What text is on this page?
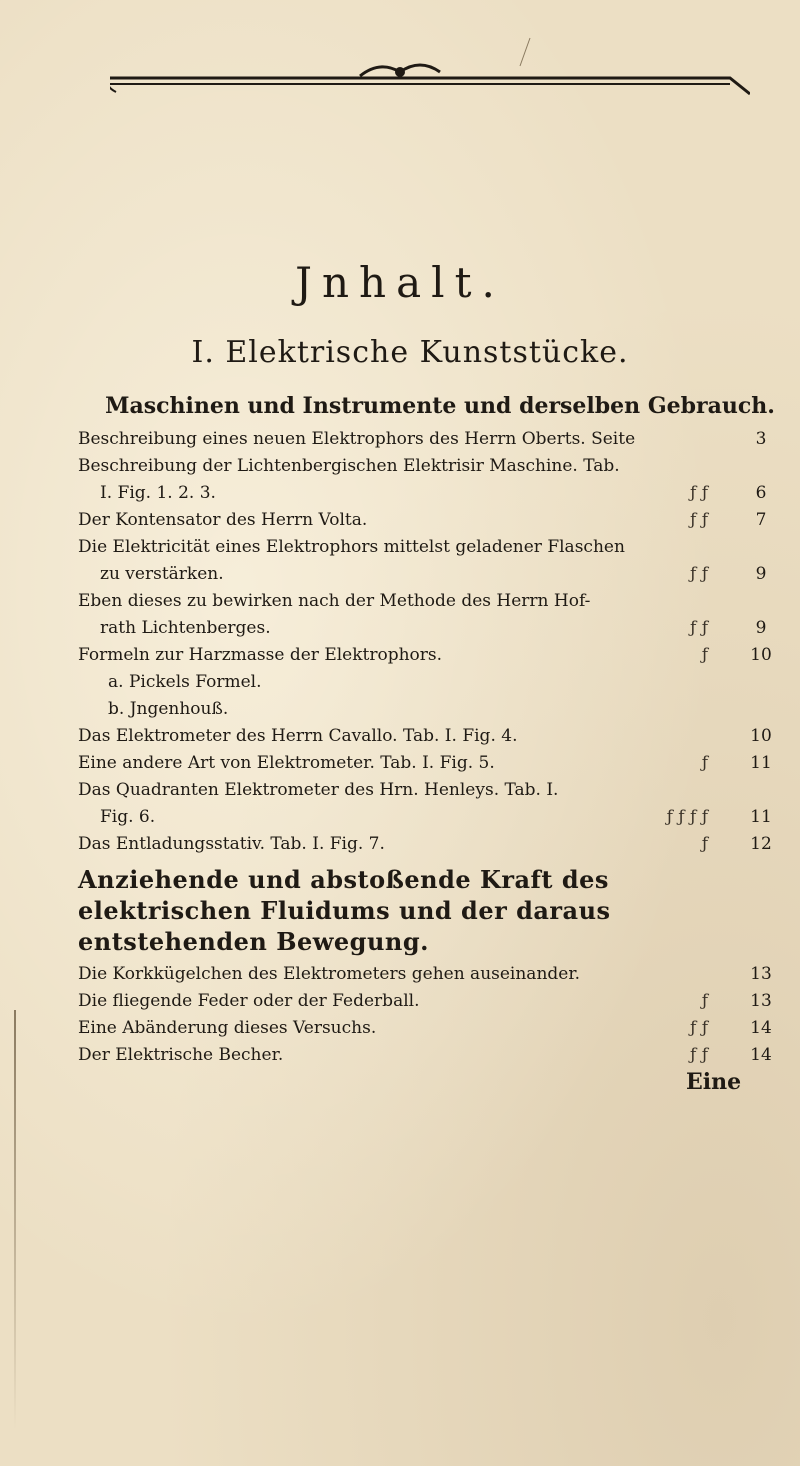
Jnhalt.
I. Elektrische Kunststücke.
Maschinen und Instrumente und derselben Gebrauch.
Beschreibung eines neuen Elektrophors des Herrn Oberts. Seite	3
Beschreibung der Lichtenbergischen Elektrisir Maschine. Tab.
I. Fig. 1. 2. 3.	ƒ ƒ	6
Der Kontensator des Herrn Volta.	ƒ ƒ	7
Die Elektricität eines Elektrophors mittelst geladener Flaschen
zu verstärken.	ƒ ƒ	9
Eben dieses zu bewirken nach der Methode des Herrn Hof-
rath Lichtenberges.	ƒ ƒ	9
Formeln zur Harzmasse der Elektrophors.	ƒ	10
a. Pickels Formel.
b. Jngenhouß.
Das Elektrometer des Herrn Cavallo. Tab. I. Fig. 4.	10
Eine andere Art von Elektrometer. Tab. I. Fig. 5.	ƒ	11
Das Quadranten Elektrometer des Hrn. Henleys. Tab. I.
Fig. 6.	ƒ ƒ ƒ ƒ	11
Das Entladungsstativ. Tab. I. Fig. 7.	ƒ	12
Anziehende und abstoßende Kraft des elektrischen Fluidums und der daraus entstehenden Bewegung.
Die Korkkügelchen des Elektrometers gehen auseinander.	13
Die fliegende Feder oder der Federball.	ƒ	13
Eine Abänderung dieses Versuchs.	ƒ ƒ	14
Der Elektrische Becher.	ƒ ƒ	14
Eine
